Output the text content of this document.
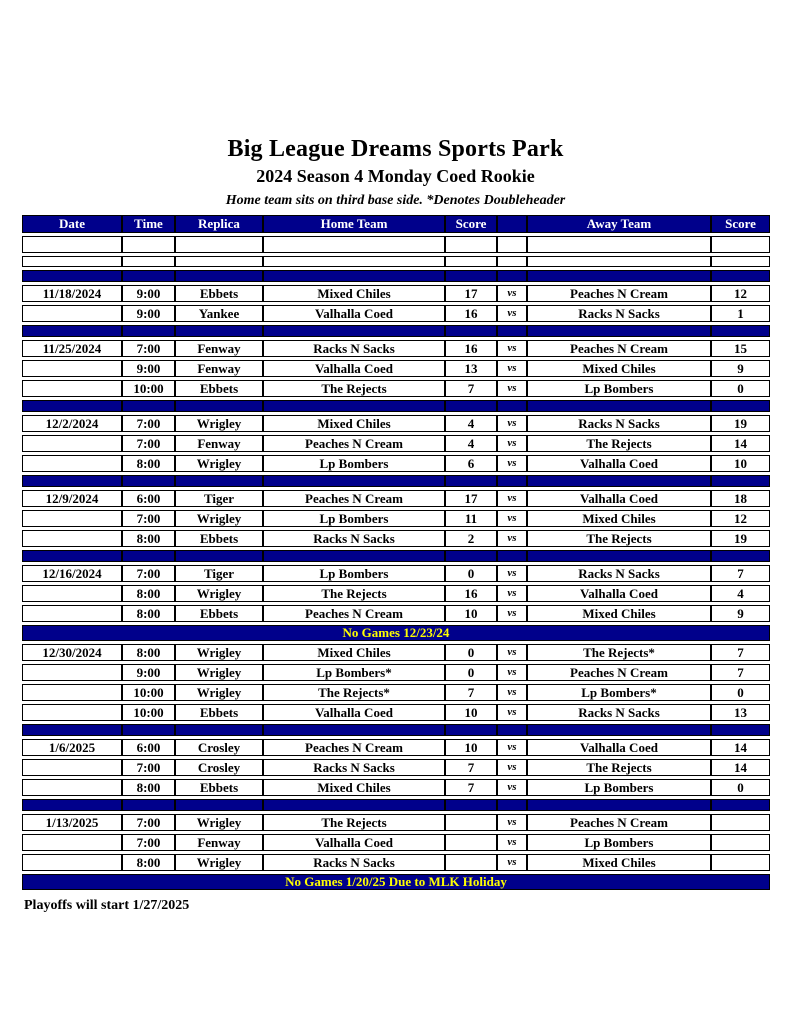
Big League Dreams Sports Park
2024 Season 4 Monday Coed Rookie
Home team sits on third base side. *Denotes Doubleheader
Date	Time	Replica	Home Team	Score		Away Team	Score

11/18/2024	9:00	Ebbets	Mixed Chiles	17	vs	Peaches N Cream	12
	9:00	Yankee	Valhalla Coed	16	vs	Racks N Sacks	1

11/25/2024	7:00	Fenway	Racks N Sacks	16	vs	Peaches N Cream	15
	9:00	Fenway	Valhalla Coed	13	vs	Mixed Chiles	9
	10:00	Ebbets	The Rejects	7	vs	Lp Bombers	0

12/2/2024	7:00	Wrigley	Mixed Chiles	4	vs	Racks N Sacks	19
	7:00	Fenway	Peaches N Cream	4	vs	The Rejects	14
	8:00	Wrigley	Lp Bombers	6	vs	Valhalla Coed	10

12/9/2024	6:00	Tiger	Peaches N Cream	17	vs	Valhalla Coed	18
	7:00	Wrigley	Lp Bombers	11	vs	Mixed Chiles	12
	8:00	Ebbets	Racks N Sacks	2	vs	The Rejects	19

12/16/2024	7:00	Tiger	Lp Bombers	0	vs	Racks N Sacks	7
	8:00	Wrigley	The Rejects	16	vs	Valhalla Coed	4
	8:00	Ebbets	Peaches N Cream	10	vs	Mixed Chiles	9
No Games 12/23/24							
12/30/2024	8:00	Wrigley	Mixed Chiles	0	vs	The Rejects*	7
	9:00	Wrigley	Lp Bombers*	0	vs	Peaches N Cream	7
	10:00	Wrigley	The Rejects*	7	vs	Lp Bombers*	0
	10:00	Ebbets	Valhalla Coed	10	vs	Racks N Sacks	13

1/6/2025	6:00	Crosley	Peaches N Cream	10	vs	Valhalla Coed	14
	7:00	Crosley	Racks N Sacks	7	vs	The Rejects	14
	8:00	Ebbets	Mixed Chiles	7	vs	Lp Bombers	0

1/13/2025	7:00	Wrigley	The Rejects		vs	Peaches N Cream	
	7:00	Fenway	Valhalla Coed		vs	Lp Bombers	
	8:00	Wrigley	Racks N Sacks		vs	Mixed Chiles	
No Games 1/20/25 Due to MLK Holiday							
Playoffs will start 1/27/2025
